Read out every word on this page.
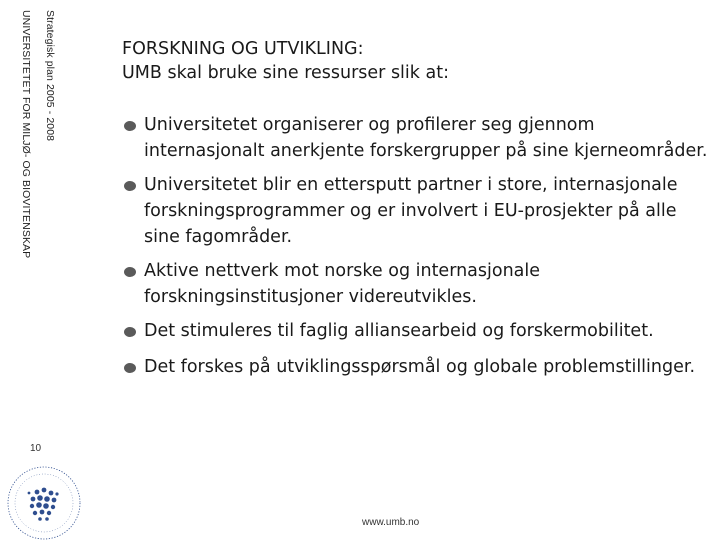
Strategisk plan 2005 - 2008
UNIVERSITETET FOR MILJØ- OG BIOVITENSKAP
10
FORSKNING OG UTVIKLING:
UMB skal bruke sine ressurser slik at:
Universitetet organiserer og profilerer seg gjennom internasjonalt anerkjente forskergrupper på sine kjerneområder.
Universitetet blir en ettersputt partner i store, internasjonale forskningsprogrammer og er involvert i EU-prosjekter på alle sine fagområder.
Aktive nettverk mot norske og internasjonale forskningsinstitusjoner videreutvikles.
Det stimuleres til faglig alliansearbeid og forskermobilitet.
Det forskes på utviklingsspørsmål og globale problemstillinger.
www.umb.no
